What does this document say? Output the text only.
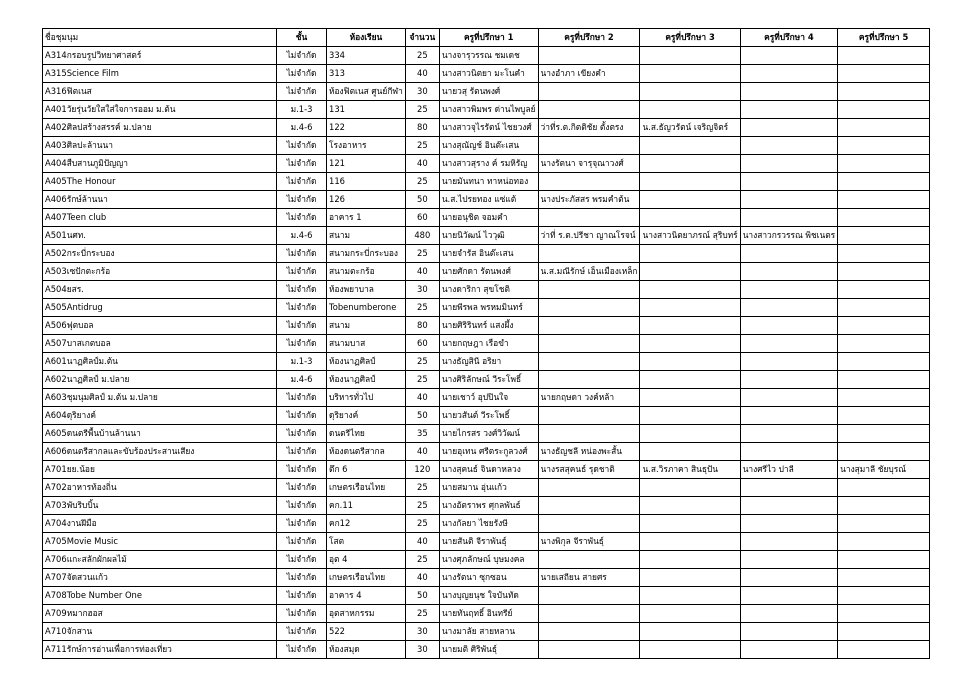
ชื่อชุมนุม	ชั้น	ห้องเรียน	จำนวน	ครูที่ปรึกษา 1	ครูที่ปรึกษา 2	ครูที่ปรึกษา 3	ครูที่ปรึกษา 4	ครูที่ปรึกษา 5
A314กรอบรูปวิทยาศาสตร์	ไม่จำกัด	334	25	นางจารุวรรณ ชมเดช				
A315Science Film	ไม่จำกัด	313	40	นางสาวนิตยา มะโนคำ	นางอำภา เขียงคำ			
A316ฟิตเนส	ไม่จำกัด	ห้องฟิตเนส ศูนย์กีฬา	30	นายวสุ รัตนพงศ์				
A401วัยรุ่นวัยใสใส่ใจการออม ม.ต้น	ม.1-3	131	25	นางสาวพิมพร ด่านไพบูลย์				
A402ศิลปสร้างสรรค์ ม.ปลาย	ม.4-6	122	80	นางสาวจุไรรัตน์ ไชยวงศ์	ว่าที่ร.ต.กิตติชัย ตั้งตรง	น.ส.ธัญวรัตน์ เจริญจิตร์		
A403ศิลปะล้านนา	ไม่จำกัด	โรงอาหาร	25	นางสุณัญช์ อินต๊ะเสน				
A404สืบสานภูมิปัญญา	ไม่จำกัด	121	40	นางสาวสุราง ค์ รมหิรัญ	นางรัตนา จารุจุณาวงศ์			
A405The Honour	ไม่จำกัด	116	25	นายมันทนา ทาหน่อทอง				
A406รักษ์ล้านนา	ไม่จำกัด	126	50	น.ส.ไปรยทอง แซ่แต้	นางประภัสสร พรมคำต้น			
A407Teen club	ไม่จำกัด	อาคาร 1	60	นายอนุชิต จอมคำ				
A501นศท.	ม.4-6	สนาม	480	นายนิวัฒน์ ไววุฒิ	ว่าที่ ร.ต.ปรีชา ญาณโรจน์	นางสาวนิตยาภรณ์ สุริบทร์	นางสาวกรวรรณ พิชเนตร	
A502กระบี่กระบอง	ไม่จำกัด	สนามกระบี่กระบอง	25	นายจำรัส อินต๊ะเสน				
A503เซปักตะกร้อ	ไม่จำกัด	สนามตะกร้อ	40	นายศักดา รัตนพงศ์	น.ส.มณีรักษ์ เอ็นเมืองเหล็ก			
A504ยสร.	ไม่จำกัด	ห้องพยาบาล	30	นางดาริกา สุขโชติ				
A505Antidrug	ไม่จำกัด	Tobenumberone	25	นายพีรพล พรหมมินทร์				
A506ฟุตบอล	ไม่จำกัด	สนาม	80	นายศิริรินทร์ แสงผึ้ง				
A507บาสเกตบอล	ไม่จำกัด	สนามบาส	60	นายกฤษฎา เรือขำ				
A601นาฏศิลป์ม.ต้น	ม.1-3	ห้องนาฏศิลป์	25	นางธัญสินี อริยา				
A602นาฏศิลป์ ม.ปลาย	ม.4-6	ห้องนาฏศิลป์	25	นางศิริลักษณ์ วีระโพธิ์				
A603ชุมนุมศิลป์ ม.ต้น ม.ปลาย	ไม่จำกัด	บริหารทั่วไป	40	นายเชาว์ อุปปินใจ	นายกฤษดา วงค์หล้า			
A604ดุริยางค์	ไม่จำกัด	ดุริยางค์	50	นายวสันต์ วีระโพธิ์				
A605ดนตรีพื้นบ้านล้านนา	ไม่จำกัด	ดนตรีไทย	35	นายไกรสร วงศ์วิวัฒน์				
A606ดนตรีสากลและขับร้องประสานเสียง	ไม่จำกัด	ห้องดนตรีสากล	40	นายอุเทน ศรีตระกูลวงศ์	นางธัญชลี หน่องพะสั้น			
A701ยย.น้อย	ไม่จำกัด	ตึก 6	120	นางสุคนธ์ จินดาหลวง	นางรสสุคนธ์ รุดชาติ	น.ส.วิรภาคา สินธุปัน	นางศรีไว ปาลี	นางสุมาลี ชัยบุรณ์
A702อาหารท้องถิ่น	ไม่จำกัด	เกษตรเรือนไทย	25	นายสมาน อุ่นแก้ว				
A703พับริบบิ้น	ไม่จำกัด	คก.11	25	นางอัตราพร ศุกลพันธ์				
A704งานฝีมือ	ไม่จำกัด	คก12	25	นางกัลยา ไชยรังษี				
A705Movie Music	ไม่จำกัด	โสต	40	นายสันติ จีราพันธุ์	นางพิกุล จีราพันธุ์			
A706แกะสลักผักผลไม้	ไม่จำกัด	อุต 4	25	นางศุภลักษณ์ บุษมงคล				
A707จัดสวนแก้ว	ไม่จำกัด	เกษตรเรือนไทย	40	นางรัตนา ซุกซอน	นายเสถียน สายศร			
A708Tobe Number One	ไม่จำกัด	อาคาร 4	50	นางบุญยนุช ใจบันทัด				
A709หมากฮอส	ไม่จำกัด	อุตสาหกรรม	25	นายทันฤทธิ์ อินทรีย์				
A710จักสาน	ไม่จำกัด	522	30	นางมาลัย สายหลาน				
A711รักษ์การอ่านเพื่อการท่องเที่ยว	ไม่จำกัด	ห้องสมุด	30	นายมติ ศิริพันธุ์				
